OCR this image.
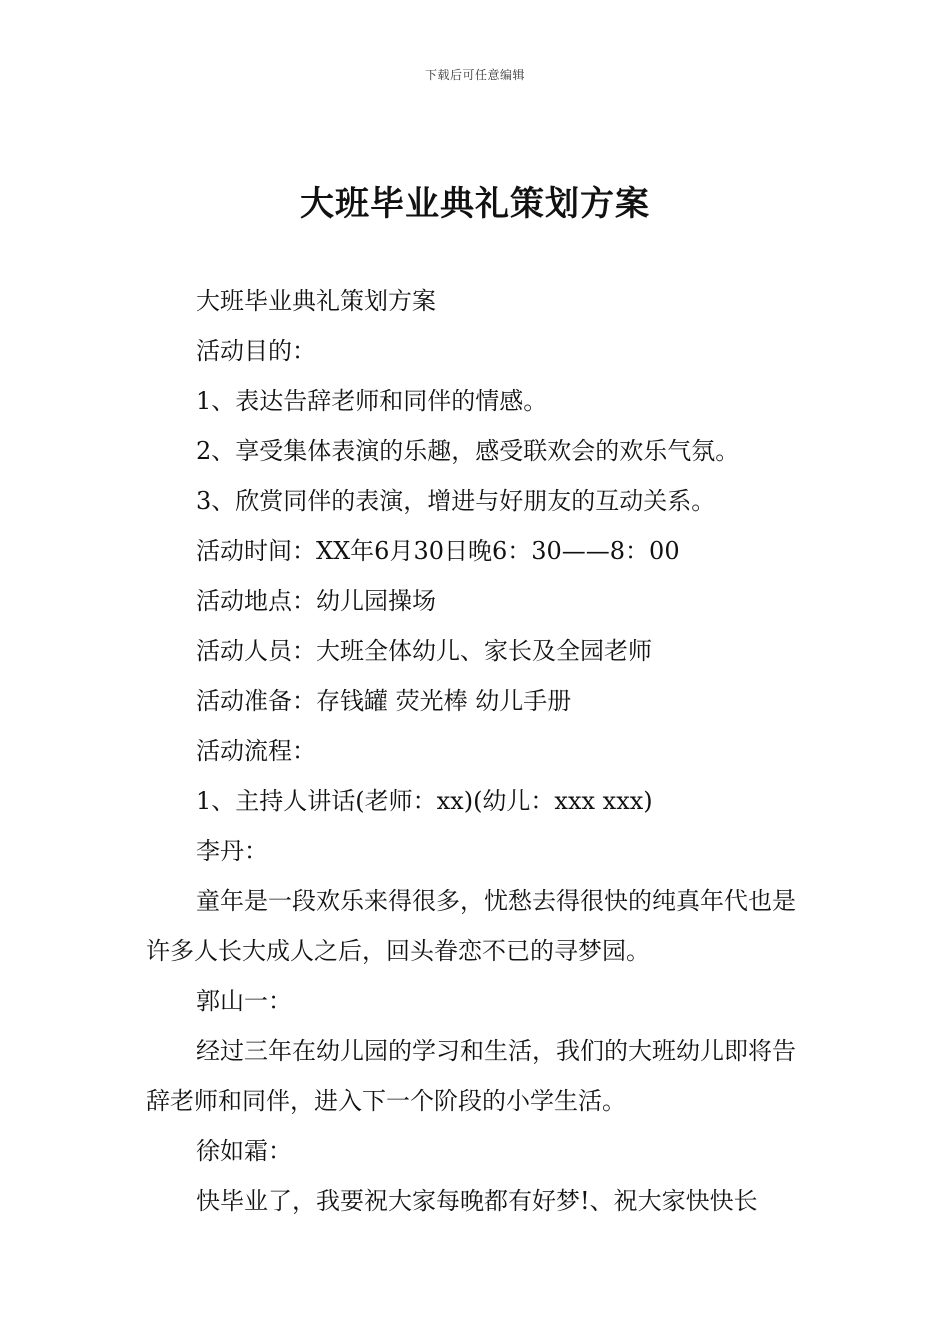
下载后可任意编辑
大班毕业典礼策划方案

大班毕业典礼策划方案

活动目的：

1、表达告辞老师和同伴的情感。

2、享受集体表演的乐趣，感受联欢会的欢乐气氛。

3、欣赏同伴的表演，增进与好朋友的互动关系。

活动时间：XX年6月30日晚6：30——8：00

活动地点：幼儿园操场

活动人员：大班全体幼儿、家长及全园老师

活动准备：存钱罐 荧光棒 幼儿手册

活动流程：

1、主持人讲话(老师：xx)(幼儿：xxx xxx)

李丹：

童年是一段欢乐来得很多，忧愁去得很快的纯真年代也是许多人长大成人之后，回头眷恋不已的寻梦园。

郭山一：

经过三年在幼儿园的学习和生活，我们的大班幼儿即将告辞老师和同伴，进入下一个阶段的小学生活。

徐如霜：

快毕业了，我要祝大家每晚都有好梦!、祝大家快快长
